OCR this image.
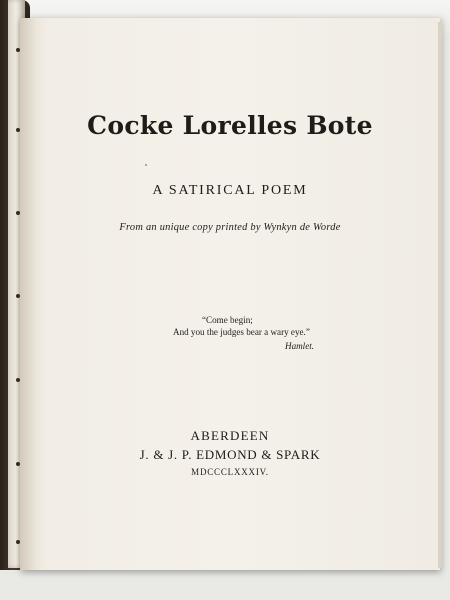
Cocke Lorelles Bote
A SATIRICAL POEM
From an unique copy printed by Wynkyn de Worde
“Come begin;
And you the judges bear a wary eye.”
Hamlet.
ABERDEEN
J. & J. P. EDMOND & SPARK
MDCCCLXXXIV.
